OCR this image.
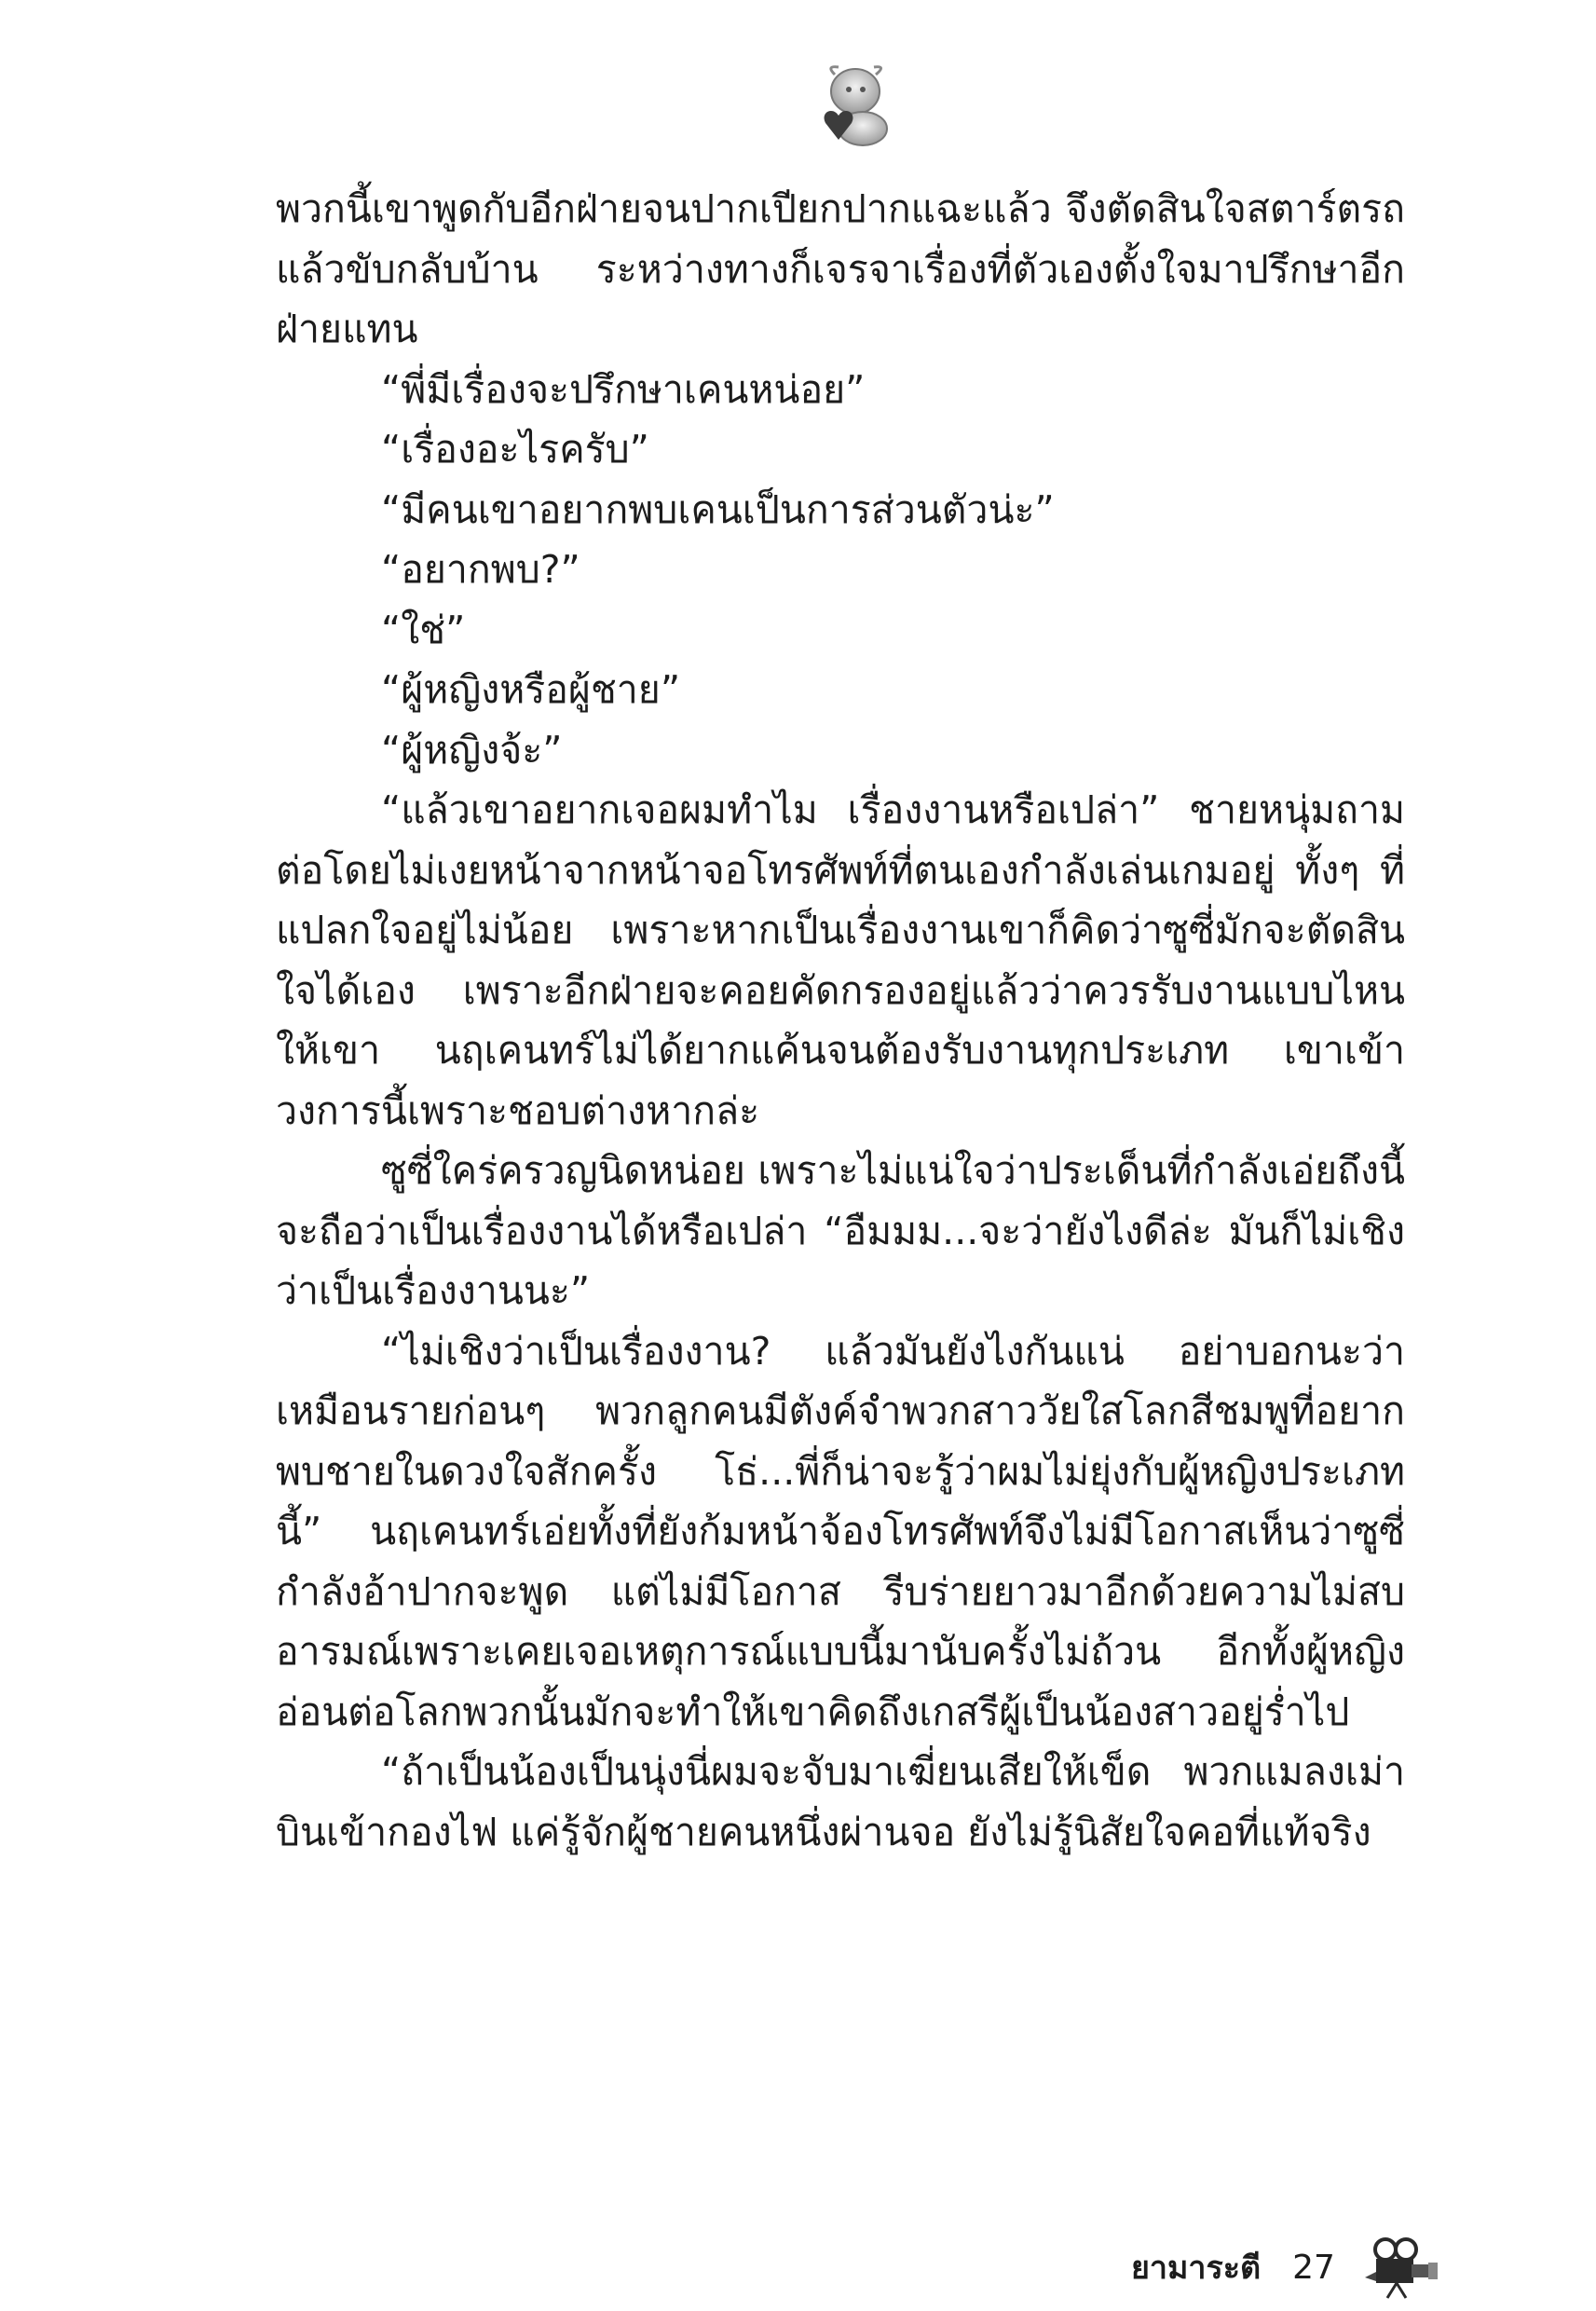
พวกนี้เขาพูดกับอีกฝ่ายจนปากเปียกปากแฉะแล้ว จึงตัดสินใจสตาร์ตรถแล้วขับกลับบ้าน ระหว่างทางก็เจรจาเรื่องที่ตัวเองตั้งใจมาปรึกษาอีกฝ่ายแทน

“พี่มีเรื่องจะปรึกษาเคนหน่อย”

“เรื่องอะไรครับ”

“มีคนเขาอยากพบเคนเป็นการส่วนตัวน่ะ”

“อยากพบ?”

“ใช่”

“ผู้หญิงหรือผู้ชาย”

“ผู้หญิงจ้ะ”

“แล้วเขาอยากเจอผมทำไม เรื่องงานหรือเปล่า” ชายหนุ่มถามต่อโดยไม่เงยหน้าจากหน้าจอโทรศัพท์ที่ตนเองกำลังเล่นเกมอยู่ ทั้งๆ ที่แปลกใจอยู่ไม่น้อย เพราะหากเป็นเรื่องงานเขาก็คิดว่าซูซี่มักจะตัดสินใจได้เอง เพราะอีกฝ่ายจะคอยคัดกรองอยู่แล้วว่าควรรับงานแบบไหนให้เขา นฤเคนทร์ไม่ได้ยากแค้นจนต้องรับงานทุกประเภท เขาเข้าวงการนี้เพราะชอบต่างหากล่ะ

ซูซี่ใคร่ครวญนิดหน่อย เพราะไม่แน่ใจว่าประเด็นที่กำลังเอ่ยถึงนี้จะถือว่าเป็นเรื่องงานได้หรือเปล่า “อืมมม...จะว่ายังไงดีล่ะ มันก็ไม่เชิงว่าเป็นเรื่องงานนะ”

“ไม่เชิงว่าเป็นเรื่องงาน? แล้วมันยังไงกันแน่ อย่าบอกนะว่าเหมือนรายก่อนๆ พวกลูกคนมีตังค์จำพวกสาววัยใสโลกสีชมพูที่อยากพบชายในดวงใจสักครั้ง โธ่...พี่ก็น่าจะรู้ว่าผมไม่ยุ่งกับผู้หญิงประเภทนี้” นฤเคนทร์เอ่ยทั้งที่ยังก้มหน้าจ้องโทรศัพท์จึงไม่มีโอกาสเห็นว่าซูซี่กำลังอ้าปากจะพูด แต่ไม่มีโอกาส รีบร่ายยาวมาอีกด้วยความไม่สบอารมณ์เพราะเคยเจอเหตุการณ์แบบนี้มานับครั้งไม่ถ้วน อีกทั้งผู้หญิงอ่อนต่อโลกพวกนั้นมักจะทำให้เขาคิดถึงเกสรีผู้เป็นน้องสาวอยู่ร่ำไป

“ถ้าเป็นน้องเป็นนุ่งนี่ผมจะจับมาเฆี่ยนเสียให้เข็ด พวกแมลงเม่าบินเข้ากองไฟ แค่รู้จักผู้ชายคนหนึ่งผ่านจอ ยังไม่รู้นิสัยใจคอที่แท้จริง

ยามาระตี 27
